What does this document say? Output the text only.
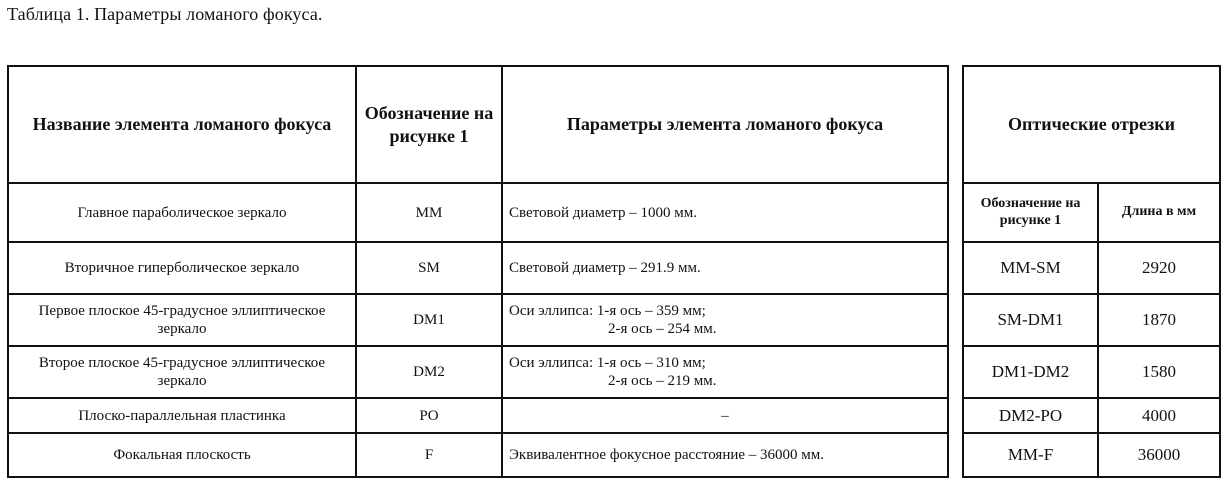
Таблица 1. Параметры ломаного фокуса.
Название элемента ломаного фокуса	Обозначение на рисунке 1	Параметры элемента ломаного фокуса
Главное параболическое зеркало	MM	Световой диаметр – 1000 мм.
Вторичное гиперболическое зеркало	SM	Световой диаметр – 291.9 мм.
Первое плоское 45-градусное эллиптическое зеркало	DM1	Оси эллипса: 1-я ось – 359 мм;
2-я ось – 254 мм.

Второе плоское 45-градусное эллиптическое зеркало	DM2	Оси эллипса: 1-я ось – 310 мм;
2-я ось – 219 мм.

Плоско-параллельная пластинка	PO	–
Фокальная плоскость	F	Эквивалентное фокусное расстояние – 36000 мм.
Оптические отрезки	
Обозначение на рисунке 1	Длина в мм
MM-SM	2920
SM-DM1	1870
DM1-DM2	1580
DM2-PO	4000
MM-F	36000
